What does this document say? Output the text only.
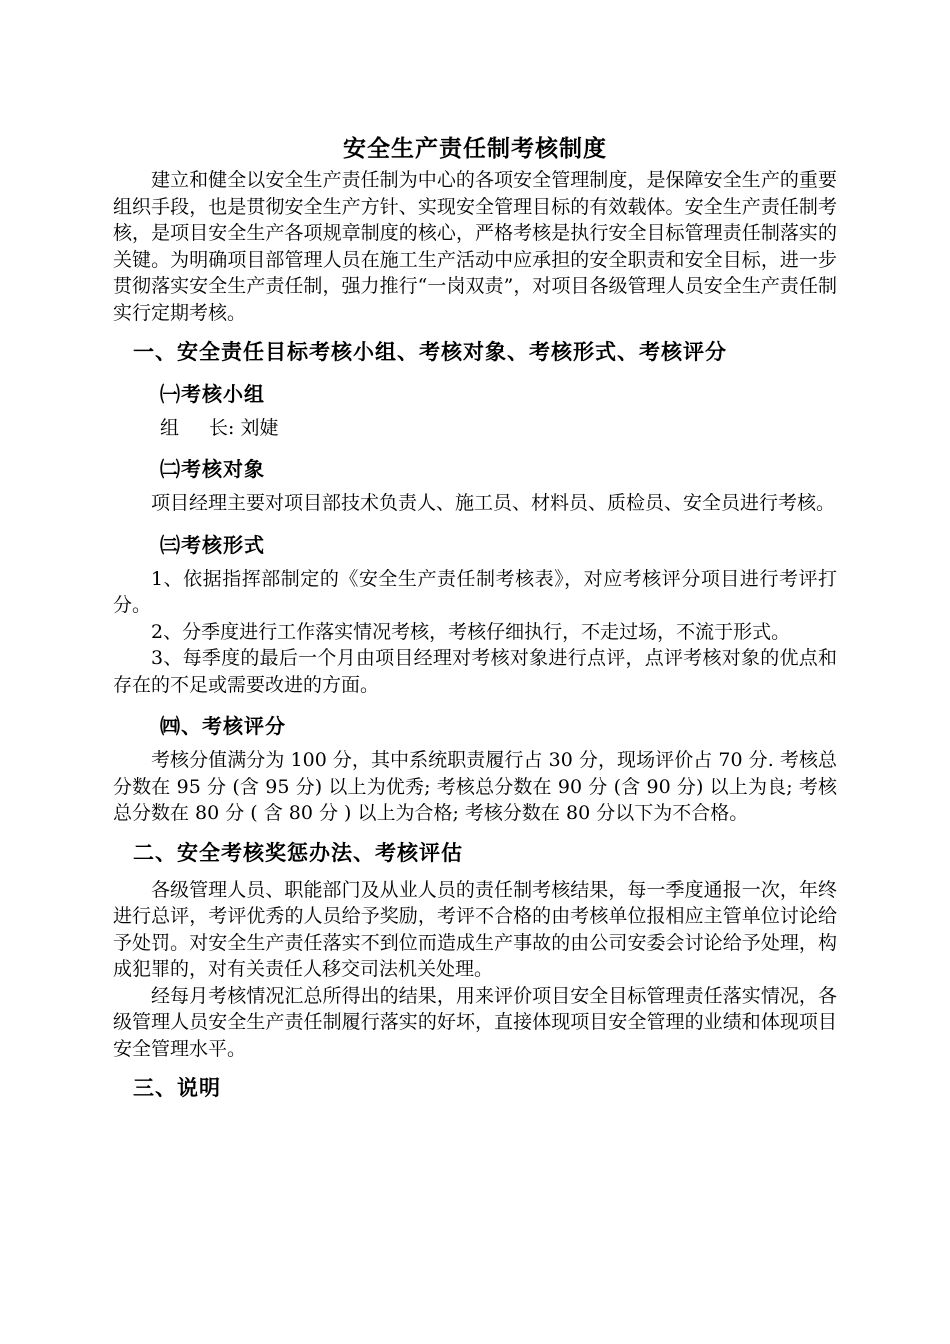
安全生产责任制考核制度

建立和健全以安全生产责任制为中心的各项安全管理制度，是保障安全生产的重要组织手段，也是贯彻安全生产方针、实现安全管理目标的有效载体。安全生产责任制考核，是项目安全生产各项规章制度的核心，严格考核是执行安全目标管理责任制落实的关键。为明确项目部管理人员在施工生产活动中应承担的安全职责和安全目标，进一步贯彻落实安全生产责任制，强力推行“一岗双责”，对项目各级管理人员安全生产责任制实行定期考核。

一、安全责任目标考核小组、考核对象、考核形式、考核评分
㈠考核小组
组 长: 刘婕
㈡考核对象

项目经理主要对项目部技术负责人、施工员、材料员、质检员、安全员进行考核。

㈢考核形式

1、依据指挥部制定的《安全生产责任制考核表》，对应考核评分项目进行考评打分。

2、分季度进行工作落实情况考核，考核仔细执行，不走过场，不流于形式。

3、每季度的最后一个月由项目经理对考核对象进行点评，点评考核对象的优点和存在的不足或需要改进的方面。

㈣、考核评分

考核分值满分为 100 分，其中系统职责履行占 30 分，现场评价占 70 分. 考核总分数在 95 分 (含 95 分) 以上为优秀; 考核总分数在 90 分 (含 90 分) 以上为良; 考核总分数在 80 分 ( 含 80 分 ) 以上为合格; 考核分数在 80 分以下为不合格。

二、安全考核奖惩办法、考核评估

各级管理人员、职能部门及从业人员的责任制考核结果，每一季度通报一次，年终进行总评，考评优秀的人员给予奖励，考评不合格的由考核单位报相应主管单位讨论给予处罚。对安全生产责任落实不到位而造成生产事故的由公司安委会讨论给予处理，构成犯罪的，对有关责任人移交司法机关处理。

经每月考核情况汇总所得出的结果，用来评价项目安全目标管理责任落实情况，各级管理人员安全生产责任制履行落实的好坏，直接体现项目安全管理的业绩和体现项目安全管理水平。

三、说明
